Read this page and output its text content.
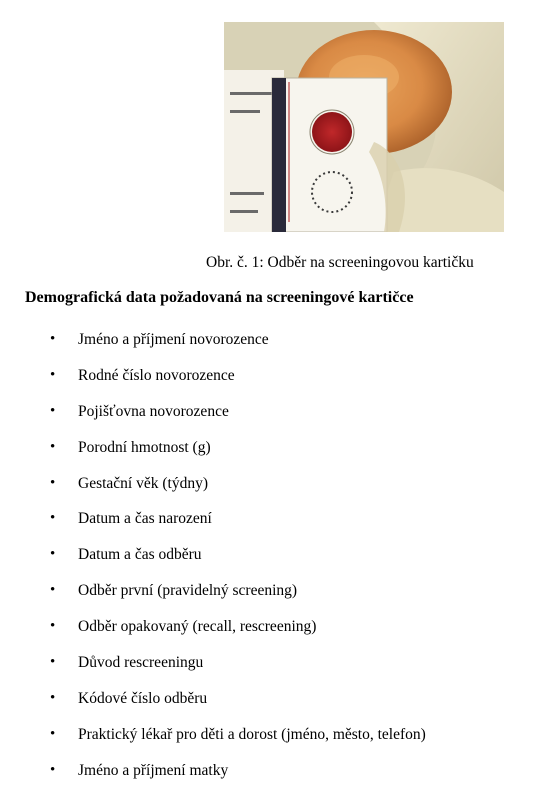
Obr. č. 1: Odběr na screeningovou kartičku
Demografická data požadovaná na screeningové kartičce
• Jméno a příjmení novorozence
• Rodné číslo novorozence
• Pojišťovna novorozence
• Porodní hmotnost (g)
• Gestační věk (týdny)
• Datum a čas narození
• Datum a čas odběru
• Odběr první (pravidelný screening)
• Odběr opakovaný (recall, rescreening)
• Důvod rescreeningu
• Kódové číslo odběru
• Praktický lékař pro děti a dorost (jméno, město, telefon)
• Jméno a příjmení matky
